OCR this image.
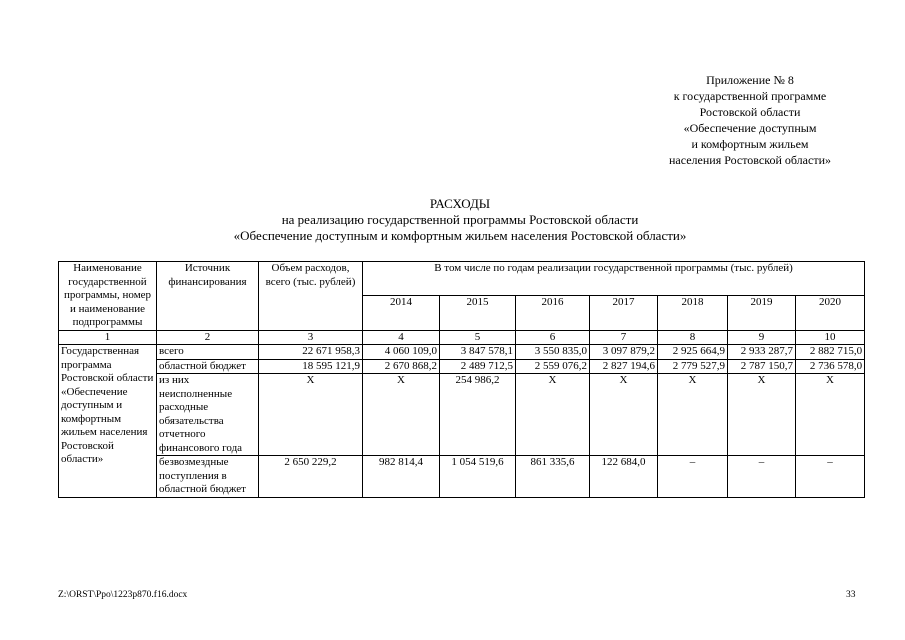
Приложение № 8
к государственной программе
Ростовской области
«Обеспечение доступным
и комфортным жильем
населения Ростовской области»
РАСХОДЫ
на реализацию государственной программы Ростовской области
«Обеспечение доступным и комфортным жильем населения Ростовской области»
Наименование государственной программы, номер и наименование подпрограммы	Источник финансирования	Объем расходов, всего (тыс. рублей)	В том числе по годам реализации государственной программы (тыс. рублей)						
			2014	2015	2016	2017	2018	2019	2020
1	2	3	4	5	6	7	8	9	10
Государственная программа Ростовской области «Обеспечение доступным и комфортным жильем населения Ростовской области»	всего	22 671 958,3	4 060 109,0	3 847 578,1	3 550 835,0	3 097 879,2	2 925 664,9	2 933 287,7	2 882 715,0
	областной бюджет	18 595 121,9	2 670 868,2	2 489 712,5	2 559 076,2	2 827 194,6	2 779 527,9	2 787 150,7	2 736 578,0
	из них неисполненные расходные обязательства отчетного финансового года	Х	Х	254 986,2	Х	Х	Х	Х	Х
	безвозмездные поступления в областной бюджет	2 650 229,2	982 814,4	1 054 519,6	861 335,6	122 684,0	–	–	–
Z:\ORST\Ppo\1223p870.f16.docx	33
